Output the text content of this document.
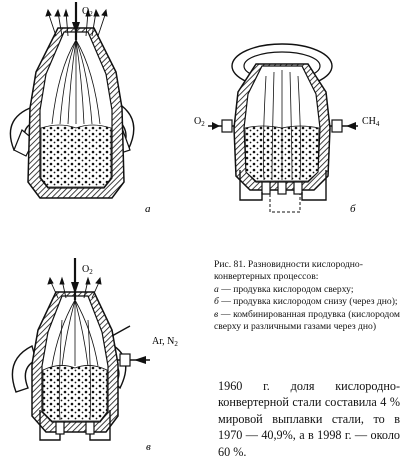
$O_2$
а
$O_2$	$CH_4$
б
$O_2$
Ar, $N_2$
в

Рис. 81. Разновидности кислородно-конвертерных процессов:

а — продувка кислородом сверху;

б — продувка кислородом снизу (через дно);

в — комбинированная продувка (кислородом сверху и различными газами через дно)

1960 г. доля кислородно-конвертерной стали составила 4 % мировой выплавки стали, то в 1970 — 40,9%, а в 1998 г. — около 60 %.
